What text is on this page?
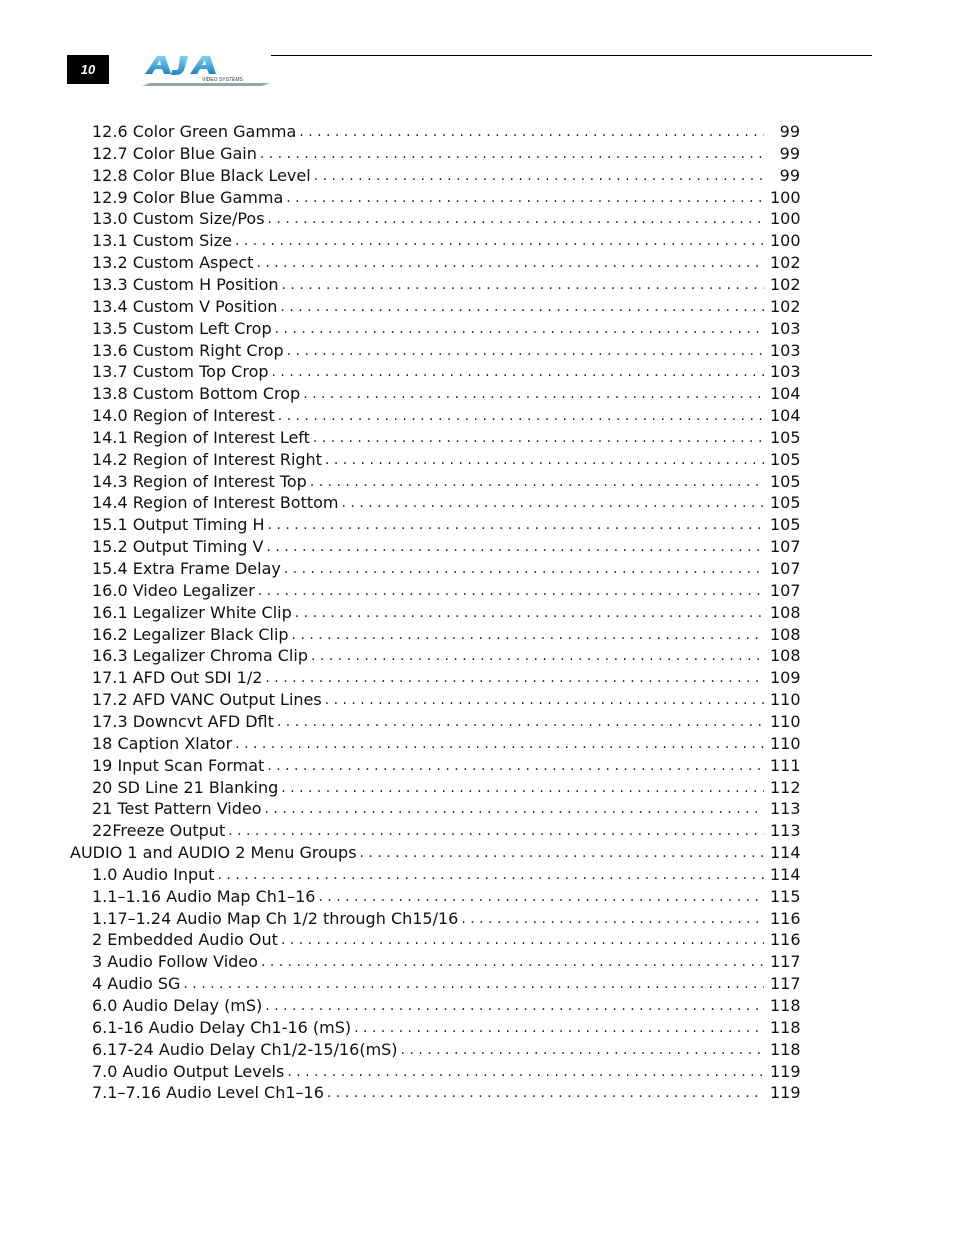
10
VIDEO SYSTEMS
12.6 Color Green Gamma . . .	99
12.7 Color Blue Gain . . .	99
12.8 Color Blue Black Level . . .	99
12.9 Color Blue Gamma . . .	100
13.0 Custom Size/Pos . . .	100
13.1 Custom Size . . .	100
13.2 Custom Aspect . . .	102
13.3 Custom H Position . . .	102
13.4 Custom V Position . . .	102
13.5 Custom Left Crop . . .	103
13.6 Custom Right Crop . . .	103
13.7 Custom Top Crop . . .	103
13.8 Custom Bottom Crop . . .	104
14.0 Region of Interest . . .	104
14.1 Region of Interest Left . . .	105
14.2 Region of Interest Right . . .	105
14.3 Region of Interest Top . . .	105
14.4 Region of Interest Bottom . . .	105
15.1 Output Timing H . . .	105
15.2 Output Timing V . . .	107
15.4 Extra Frame Delay . . .	107
16.0 Video Legalizer . . .	107
16.1 Legalizer White Clip . . .	108
16.2 Legalizer Black Clip . . .	108
16.3 Legalizer Chroma Clip . . .	108
17.1 AFD Out SDI 1/2 . . .	109
17.2 AFD VANC Output Lines . . .	110
17.3 Downcvt AFD Dflt . . .	110
18 Caption Xlator . . .	110
19 Input Scan Format . . .	111
20 SD Line 21 Blanking . . .	112
21 Test Pattern Video . . .	113
22Freeze Output . . .	113
AUDIO 1 and AUDIO 2 Menu Groups . . .	114
1.0 Audio Input . . .	114
1.1–1.16 Audio Map Ch1–16 . . .	115
1.17–1.24 Audio Map Ch 1/2 through Ch15/16 . . .	116
2 Embedded Audio Out . . .	116
3 Audio Follow Video . . .	117
4 Audio SG . . .	117
6.0 Audio Delay (mS) . . .	118
6.1-16 Audio Delay Ch1-16 (mS) . . .	118
6.17-24 Audio Delay Ch1/2-15/16(mS) . . .	118
7.0 Audio Output Levels . . .	119
7.1–7.16 Audio Level Ch1–16 . . .	119
